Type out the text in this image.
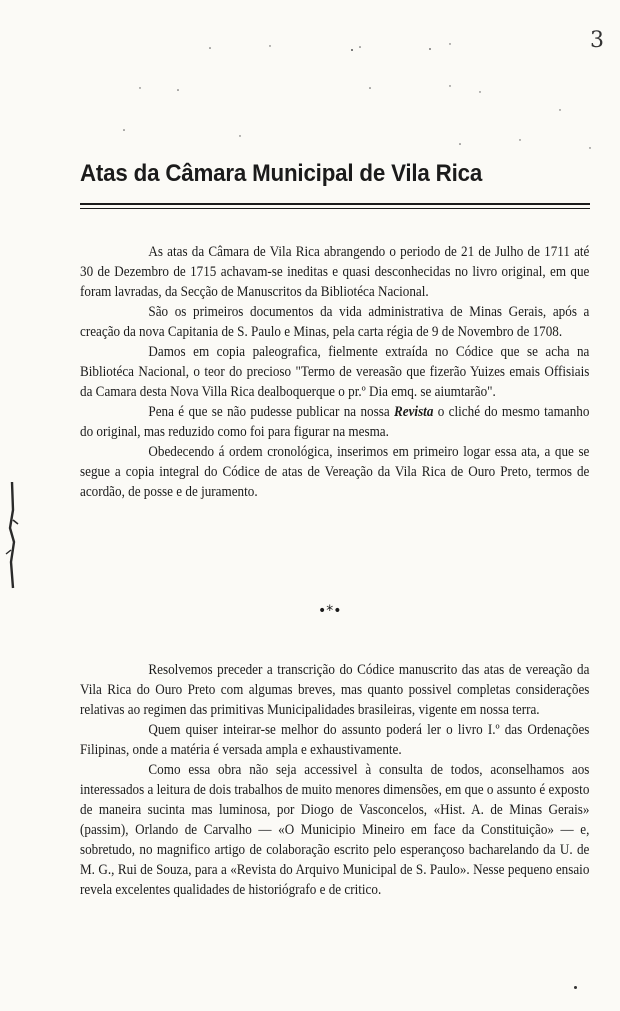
3
Atas da Câmara Municipal de Vila Rica

As atas da Câmara de Vila Rica abrangendo o periodo de 21 de Julho de 1711 até 30 de Dezembro de 1715 achavam-se ineditas e quasi desconhecidas no livro original, em que foram lavradas, da Secção de Manuscritos da Bibliotéca Nacional.

São os primeiros documentos da vida administrativa de Minas Gerais, após a creação da nova Capitania de S. Paulo e Minas, pela carta régia de 9 de Novembro de 1708.

Damos em copia paleografica, fielmente extraída no Códice que se acha na Bibliotéca Nacional, o teor do precioso "Termo de vereasão que fizerão Yuizes emais Offisiais da Camara desta Nova Villa Rica dealboquerque o pr.º Dia emq. se aiumtarão".

Pena é que se não pudesse publicar na nossa Revista o cliché do mesmo tamanho do original, mas reduzido como foi para figurar na mesma.

Obedecendo á ordem cronológica, inserimos em primeiro logar essa ata, a que se segue a copia integral do Códice de atas de Vereação da Vila Rica de Ouro Preto, termos de acordão, de posse e de juramento.

•*•

Resolvemos preceder a transcrição do Códice manuscrito das atas de vereação da Vila Rica do Ouro Preto com algumas breves, mas quanto possivel completas considerações relativas ao regimen das primitivas Municipalidades brasileiras, vigente em nossa terra.

Quem quiser inteirar-se melhor do assunto poderá ler o livro I.º das Ordenações Filipinas, onde a matéria é versada ampla e exhaustivamente.

Como essa obra não seja accessivel à consulta de todos, aconselhamos aos interessados a leitura de dois trabalhos de muito menores dimensões, em que o assunto é exposto de maneira sucinta mas luminosa, por Diogo de Vasconcelos, «Hist. A. de Minas Gerais» (passim), Orlando de Carvalho — «O Municipio Mineiro em face da Constituição» — e, sobretudo, no magnifico artigo de colaboração escrito pelo esperançoso bacharelando da U. de M. G., Rui de Souza, para a «Revista do Arquivo Municipal de S. Paulo». Nesse pequeno ensaio revela excelentes qualidades de historiógrafo e de critico.
